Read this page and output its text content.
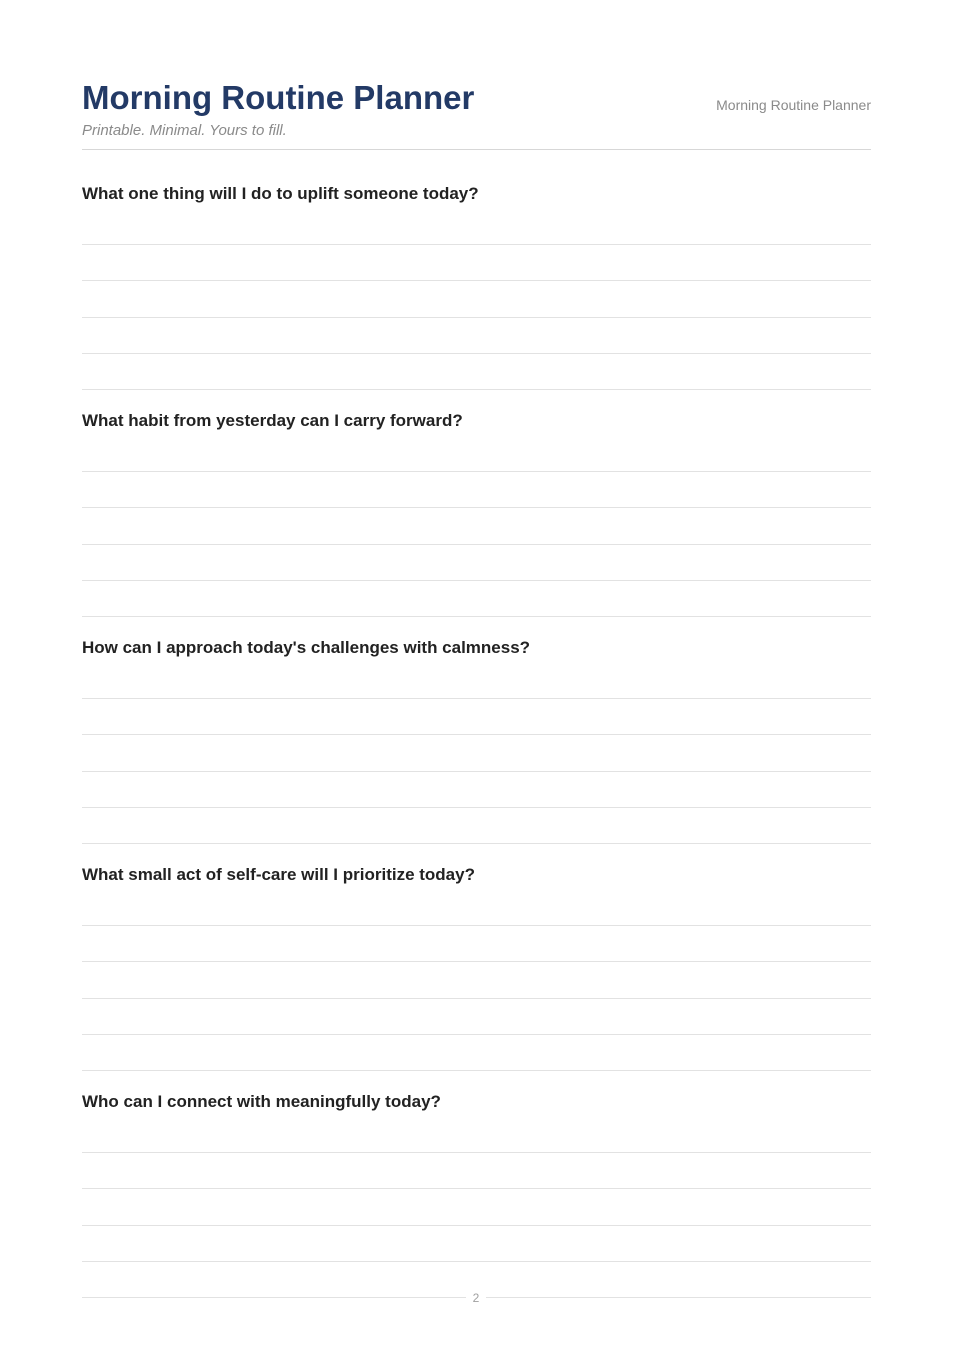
Morning Routine Planner
Printable. Minimal. Yours to fill.
Morning Routine Planner
What one thing will I do to uplift someone today?
What habit from yesterday can I carry forward?
How can I approach today's challenges with calmness?
What small act of self-care will I prioritize today?
Who can I connect with meaningfully today?
2
